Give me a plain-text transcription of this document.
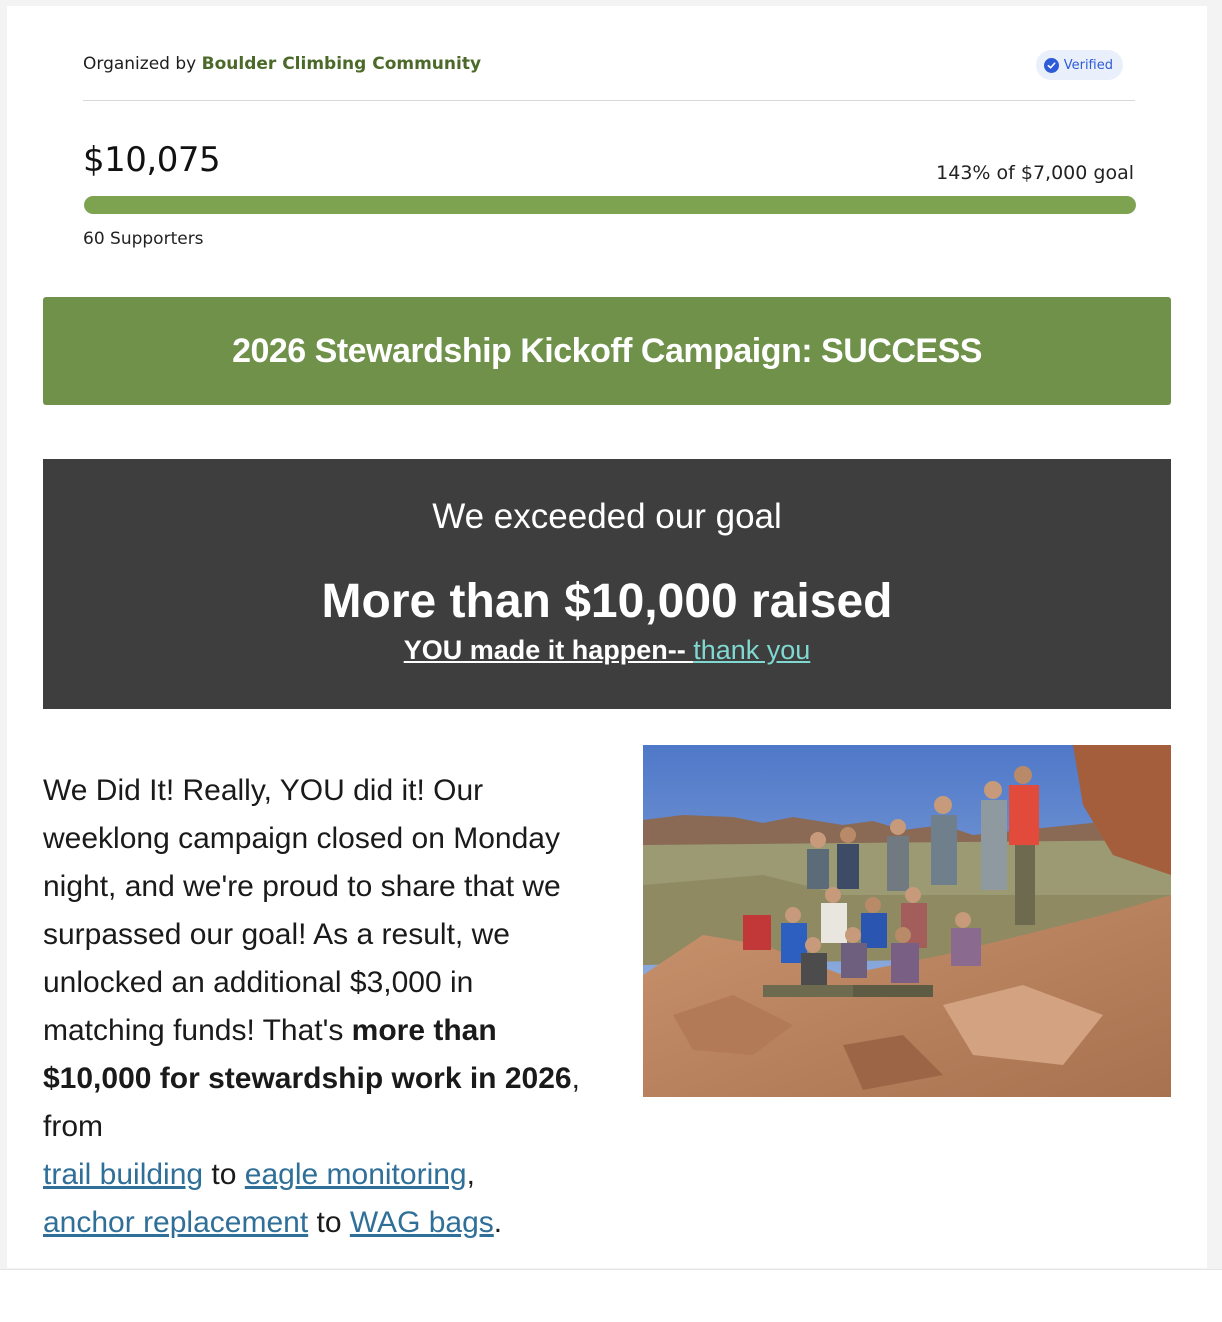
Organized by Boulder Climbing Community	Verified
$10,075	143% of $7,000 goal
60 Supporters
2026 Stewardship Kickoff Campaign: SUCCESS
We exceeded our goal
More than $10,000 raised
YOU made it happen-- thank you
We Did It! Really, YOU did it! Our weeklong campaign closed on Monday night, and we're proud to share that we surpassed our goal! As a result, we unlocked an additional $3,000 in matching funds! That's more than $10,000 for stewardship work in 2026, from
trail building to eagle monitoring,
anchor replacement to WAG bags.
